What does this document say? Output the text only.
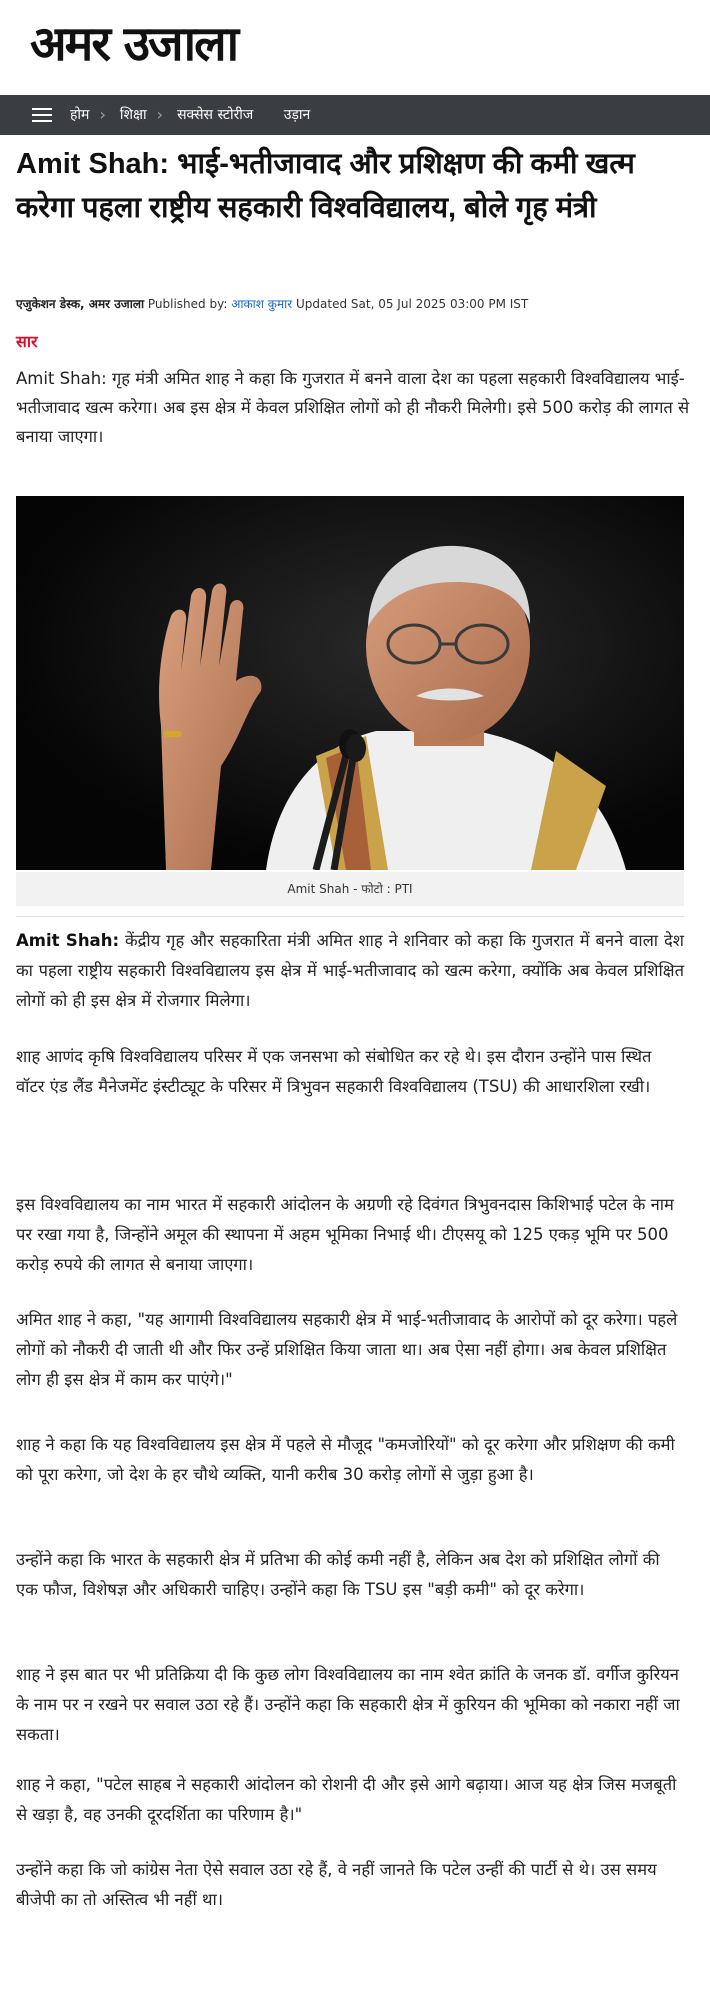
अमर उजाला
होम › शिक्षा › सक्सेस स्टोरीज उड़ान
Amit Shah: भाई-भतीजावाद और प्रशिक्षण की कमी खत्म करेगा पहला राष्ट्रीय सहकारी विश्वविद्यालय, बोले गृह मंत्री
एजुकेशन डेस्क, अमर उजाला Published by: आकाश कुमार Updated Sat, 05 Jul 2025 03:00 PM IST
सार

Amit Shah: गृह मंत्री अमित शाह ने कहा कि गुजरात में बनने वाला देश का पहला सहकारी विश्वविद्यालय भाई-भतीजावाद खत्म करेगा। अब इस क्षेत्र में केवल प्रशिक्षित लोगों को ही नौकरी मिलेगी। इसे 500 करोड़ की लागत से बनाया जाएगा।

Amit Shah - फोटो : PTI

Amit Shah: केंद्रीय गृह और सहकारिता मंत्री अमित शाह ने शनिवार को कहा कि गुजरात में बनने वाला देश का पहला राष्ट्रीय सहकारी विश्वविद्यालय इस क्षेत्र में भाई-भतीजावाद को खत्म करेगा, क्योंकि अब केवल प्रशिक्षित लोगों को ही इस क्षेत्र में रोजगार मिलेगा।

शाह आणंद कृषि विश्वविद्यालय परिसर में एक जनसभा को संबोधित कर रहे थे। इस दौरान उन्होंने पास स्थित वॉटर एंड लैंड मैनेजमेंट इंस्टीट्यूट के परिसर में त्रिभुवन सहकारी विश्वविद्यालय (TSU) की आधारशिला रखी।

इस विश्वविद्यालय का नाम भारत में सहकारी आंदोलन के अग्रणी रहे दिवंगत त्रिभुवनदास किशिभाई पटेल के नाम पर रखा गया है, जिन्होंने अमूल की स्थापना में अहम भूमिका निभाई थी। टीएसयू को 125 एकड़ भूमि पर 500 करोड़ रुपये की लागत से बनाया जाएगा।

अमित शाह ने कहा, "यह आगामी विश्वविद्यालय सहकारी क्षेत्र में भाई-भतीजावाद के आरोपों को दूर करेगा। पहले लोगों को नौकरी दी जाती थी और फिर उन्हें प्रशिक्षित किया जाता था। अब ऐसा नहीं होगा। अब केवल प्रशिक्षित लोग ही इस क्षेत्र में काम कर पाएंगे।"

शाह ने कहा कि यह विश्वविद्यालय इस क्षेत्र में पहले से मौजूद "कमजोरियों" को दूर करेगा और प्रशिक्षण की कमी को पूरा करेगा, जो देश के हर चौथे व्यक्ति, यानी करीब 30 करोड़ लोगों से जुड़ा हुआ है।

उन्होंने कहा कि भारत के सहकारी क्षेत्र में प्रतिभा की कोई कमी नहीं है, लेकिन अब देश को प्रशिक्षित लोगों की एक फौज, विशेषज्ञ और अधिकारी चाहिए। उन्होंने कहा कि TSU इस "बड़ी कमी" को दूर करेगा।

शाह ने इस बात पर भी प्रतिक्रिया दी कि कुछ लोग विश्वविद्यालय का नाम श्वेत क्रांति के जनक डॉ. वर्गीज कुरियन के नाम पर न रखने पर सवाल उठा रहे हैं। उन्होंने कहा कि सहकारी क्षेत्र में कुरियन की भूमिका को नकारा नहीं जा सकता।

शाह ने कहा, "पटेल साहब ने सहकारी आंदोलन को रोशनी दी और इसे आगे बढ़ाया। आज यह क्षेत्र जिस मजबूती से खड़ा है, वह उनकी दूरदर्शिता का परिणाम है।"

उन्होंने कहा कि जो कांग्रेस नेता ऐसे सवाल उठा रहे हैं, वे नहीं जानते कि पटेल उन्हीं की पार्टी से थे। उस समय बीजेपी का तो अस्तित्व भी नहीं था।
